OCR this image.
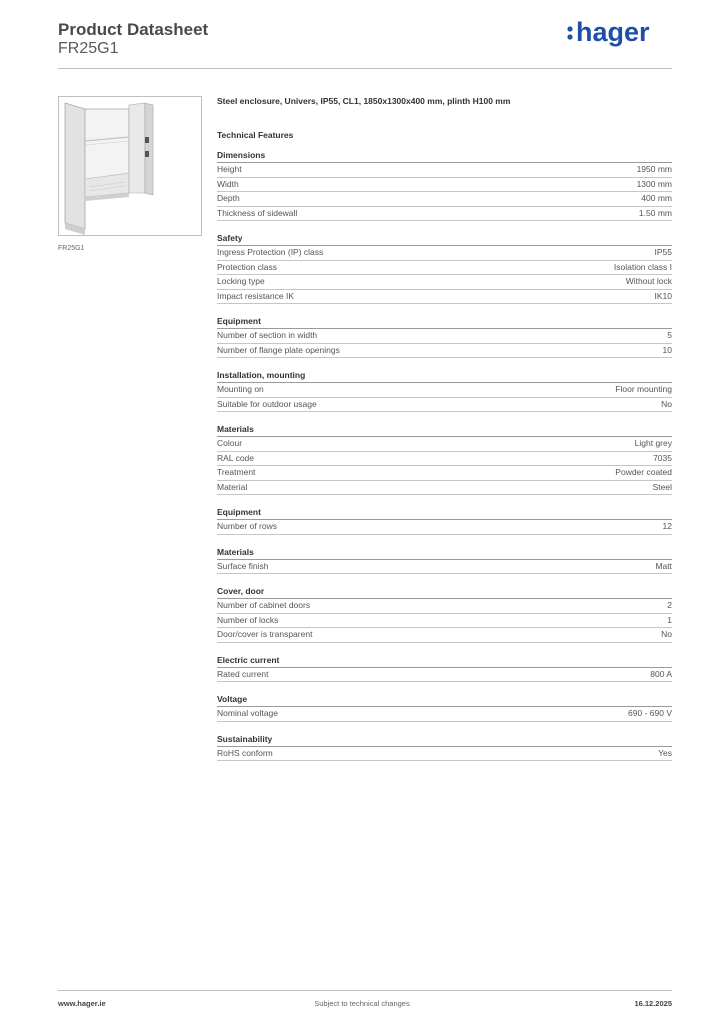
Product Datasheet
FR25G1
hager
FR25G1
Steel enclosure, Univers, IP55, CL1, 1850x1300x400 mm, plinth H100 mm
Technical Features
Dimensions
Height	1950 mm
Width	1300 mm
Depth	400 mm
Thickness of sidewall	1.50 mm
Safety
Ingress Protection (IP) class	IP55
Protection class	Isolation class I
Locking type	Without lock
Impact resistance IK	IK10
Equipment
Number of section in width	5
Number of flange plate openings	10
Installation, mounting
Mounting on	Floor mounting
Suitable for outdoor usage	No
Materials
Colour	Light grey
RAL code	7035
Treatment	Powder coated
Material	Steel
Equipment
Number of rows	12
Materials
Surface finish	Matt
Cover, door
Number of cabinet doors	2
Number of locks	1
Door/cover is transparent	No
Electric current
Rated current	800 A
Voltage
Nominal voltage	690 - 690 V
Sustainability
RoHS conform	Yes
www.hager.ie	Subject to technical changes	16.12.2025
